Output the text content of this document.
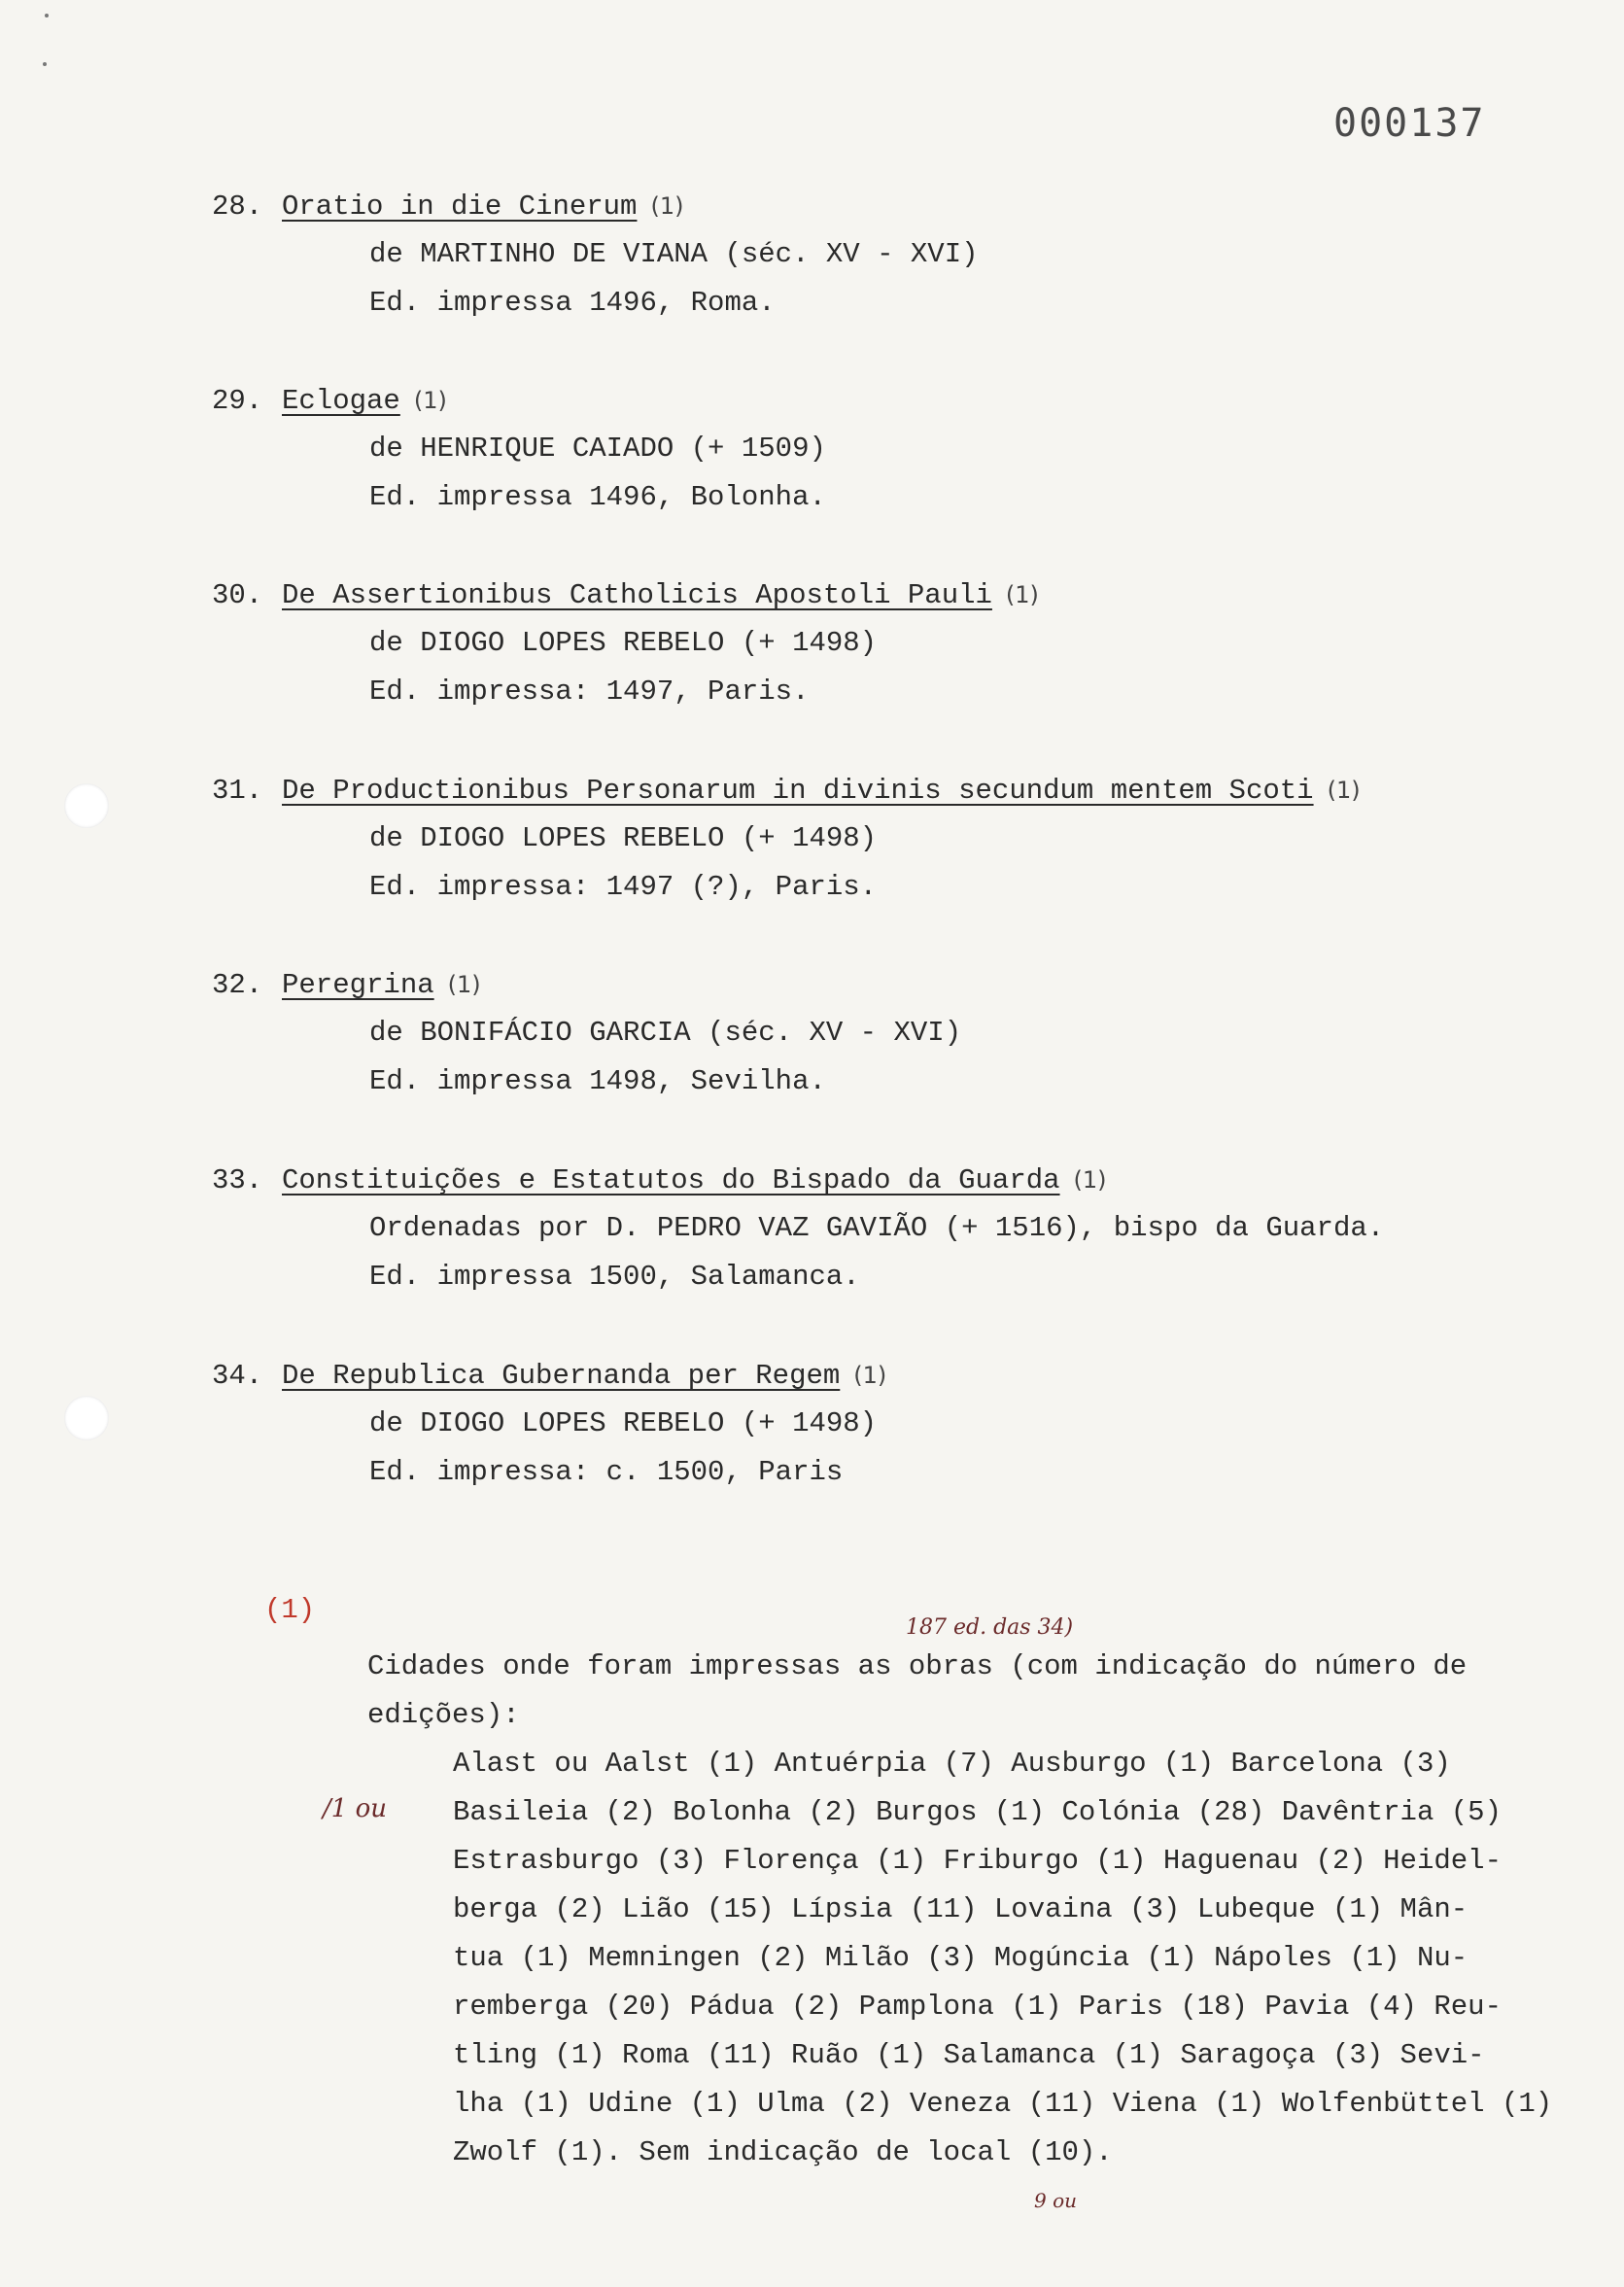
000137
28. Oratio in die Cinerum (1)
de MARTINHO DE VIANA (séc. XV - XVI)
Ed. impressa 1496, Roma.
29. Eclogae (1)
de HENRIQUE CAIADO (+ 1509)
Ed. impressa 1496, Bolonha.
30. De Assertionibus Catholicis Apostoli Pauli (1)
de DIOGO LOPES REBELO (+ 1498)
Ed. impressa: 1497, Paris.
31. De Productionibus Personarum in divinis secundum mentem Scoti (1)
de DIOGO LOPES REBELO (+ 1498)
Ed. impressa: 1497 (?), Paris.
32. Peregrina (1)
de BONIFÁCIO GARCIA (séc. XV - XVI)
Ed. impressa 1498, Sevilha.
33. Constituições e Estatutos do Bispado da Guarda (1)
Ordenadas por D. PEDRO VAZ GAVIÃO (+ 1516), bispo da Guarda.
Ed. impressa 1500, Salamanca.
34. De Republica Gubernanda per Regem (1)
de DIOGO LOPES REBELO (+ 1498)
Ed. impressa: c. 1500, Paris
(1)
Cidades onde foram impressas as obras (com indicação do número de
edições):
Alast ou Aalst (1) Antuérpia (7) Ausburgo (1) Barcelona (3)
Basileia (2) Bolonha (2) Burgos (1) Colónia (28) Davêntria (5)
Estrasburgo (3) Florença (1) Friburgo (1) Haguenau (2) Heidel-
berga (2) Lião (15) Lípsia (11) Lovaina (3) Lubeque (1) Mân-
tua (1) Memningen (2) Milão (3) Mogúncia (1) Nápoles (1) Nu-
remberga (20) Pádua (2) Pamplona (1) Paris (18) Pavia (4) Reu-
tling (1) Roma (11) Ruão (1) Salamanca (1) Saragoça (3) Sevi-
lha (1) Udine (1) Ulma (2) Veneza (11) Viena (1) Wolfenbüttel (1)
Zwolf (1). Sem indicação de local (10).
187 ed. das 34)
/1 ou
9 ou
